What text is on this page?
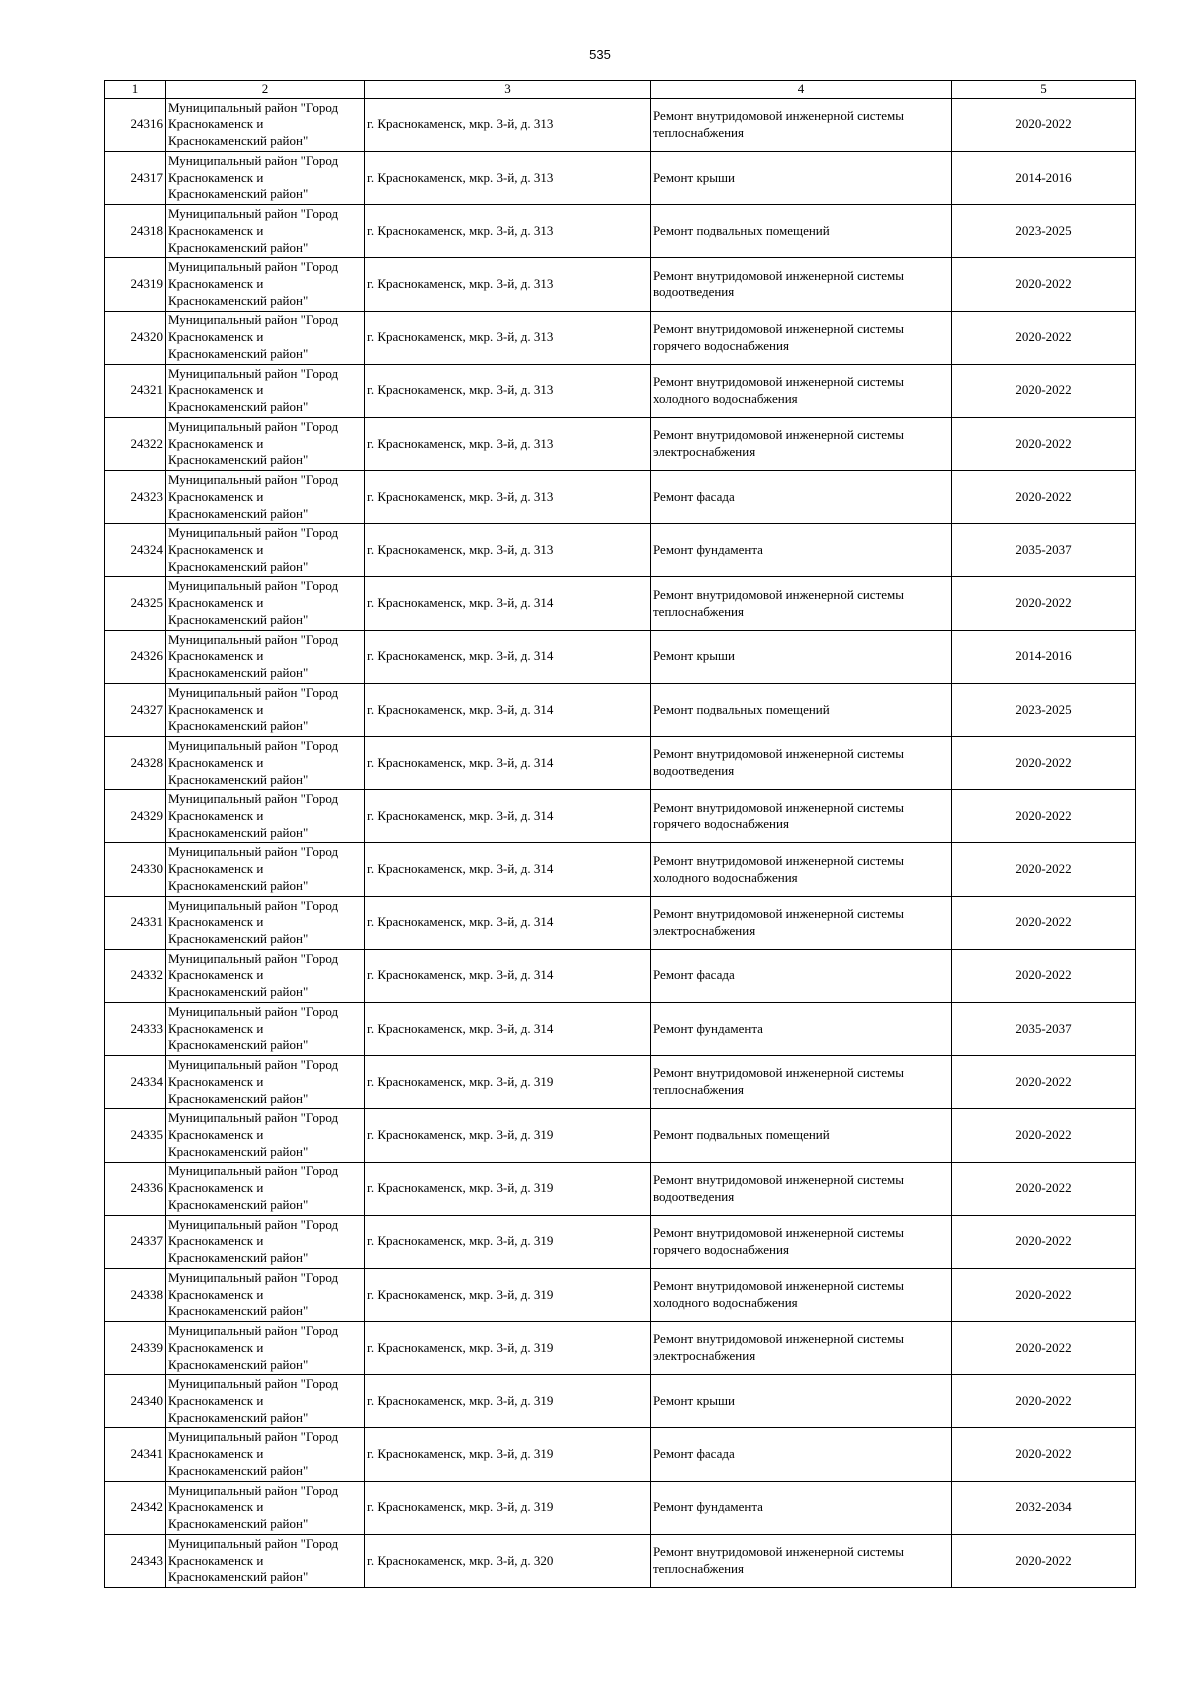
535
1	2	3	4	5
24316	Муниципальный район "Город
Краснокаменск и
Краснокаменский район"	г. Краснокаменск, мкр. 3-й, д. 313	Ремонт внутридомовой инженерной системы теплоснабжения	2020-2022
24317	Муниципальный район "Город
Краснокаменск и
Краснокаменский район"	г. Краснокаменск, мкр. 3-й, д. 313	Ремонт крыши	2014-2016
24318	Муниципальный район "Город
Краснокаменск и
Краснокаменский район"	г. Краснокаменск, мкр. 3-й, д. 313	Ремонт подвальных помещений	2023-2025
24319	Муниципальный район "Город
Краснокаменск и
Краснокаменский район"	г. Краснокаменск, мкр. 3-й, д. 313	Ремонт внутридомовой инженерной системы водоотведения	2020-2022
24320	Муниципальный район "Город
Краснокаменск и
Краснокаменский район"	г. Краснокаменск, мкр. 3-й, д. 313	Ремонт внутридомовой инженерной системы горячего водоснабжения	2020-2022
24321	Муниципальный район "Город
Краснокаменск и
Краснокаменский район"	г. Краснокаменск, мкр. 3-й, д. 313	Ремонт внутридомовой инженерной системы холодного водоснабжения	2020-2022
24322	Муниципальный район "Город
Краснокаменск и
Краснокаменский район"	г. Краснокаменск, мкр. 3-й, д. 313	Ремонт внутридомовой инженерной системы электроснабжения	2020-2022
24323	Муниципальный район "Город
Краснокаменск и
Краснокаменский район"	г. Краснокаменск, мкр. 3-й, д. 313	Ремонт фасада	2020-2022
24324	Муниципальный район "Город
Краснокаменск и
Краснокаменский район"	г. Краснокаменск, мкр. 3-й, д. 313	Ремонт фундамента	2035-2037
24325	Муниципальный район "Город
Краснокаменск и
Краснокаменский район"	г. Краснокаменск, мкр. 3-й, д. 314	Ремонт внутридомовой инженерной системы теплоснабжения	2020-2022
24326	Муниципальный район "Город
Краснокаменск и
Краснокаменский район"	г. Краснокаменск, мкр. 3-й, д. 314	Ремонт крыши	2014-2016
24327	Муниципальный район "Город
Краснокаменск и
Краснокаменский район"	г. Краснокаменск, мкр. 3-й, д. 314	Ремонт подвальных помещений	2023-2025
24328	Муниципальный район "Город
Краснокаменск и
Краснокаменский район"	г. Краснокаменск, мкр. 3-й, д. 314	Ремонт внутридомовой инженерной системы водоотведения	2020-2022
24329	Муниципальный район "Город
Краснокаменск и
Краснокаменский район"	г. Краснокаменск, мкр. 3-й, д. 314	Ремонт внутридомовой инженерной системы горячего водоснабжения	2020-2022
24330	Муниципальный район "Город
Краснокаменск и
Краснокаменский район"	г. Краснокаменск, мкр. 3-й, д. 314	Ремонт внутридомовой инженерной системы холодного водоснабжения	2020-2022
24331	Муниципальный район "Город
Краснокаменск и
Краснокаменский район"	г. Краснокаменск, мкр. 3-й, д. 314	Ремонт внутридомовой инженерной системы электроснабжения	2020-2022
24332	Муниципальный район "Город
Краснокаменск и
Краснокаменский район"	г. Краснокаменск, мкр. 3-й, д. 314	Ремонт фасада	2020-2022
24333	Муниципальный район "Город
Краснокаменск и
Краснокаменский район"	г. Краснокаменск, мкр. 3-й, д. 314	Ремонт фундамента	2035-2037
24334	Муниципальный район "Город
Краснокаменск и
Краснокаменский район"	г. Краснокаменск, мкр. 3-й, д. 319	Ремонт внутридомовой инженерной системы теплоснабжения	2020-2022
24335	Муниципальный район "Город
Краснокаменск и
Краснокаменский район"	г. Краснокаменск, мкр. 3-й, д. 319	Ремонт подвальных помещений	2020-2022
24336	Муниципальный район "Город
Краснокаменск и
Краснокаменский район"	г. Краснокаменск, мкр. 3-й, д. 319	Ремонт внутридомовой инженерной системы водоотведения	2020-2022
24337	Муниципальный район "Город
Краснокаменск и
Краснокаменский район"	г. Краснокаменск, мкр. 3-й, д. 319	Ремонт внутридомовой инженерной системы горячего водоснабжения	2020-2022
24338	Муниципальный район "Город
Краснокаменск и
Краснокаменский район"	г. Краснокаменск, мкр. 3-й, д. 319	Ремонт внутридомовой инженерной системы холодного водоснабжения	2020-2022
24339	Муниципальный район "Город
Краснокаменск и
Краснокаменский район"	г. Краснокаменск, мкр. 3-й, д. 319	Ремонт внутридомовой инженерной системы электроснабжения	2020-2022
24340	Муниципальный район "Город
Краснокаменск и
Краснокаменский район"	г. Краснокаменск, мкр. 3-й, д. 319	Ремонт крыши	2020-2022
24341	Муниципальный район "Город
Краснокаменск и
Краснокаменский район"	г. Краснокаменск, мкр. 3-й, д. 319	Ремонт фасада	2020-2022
24342	Муниципальный район "Город
Краснокаменск и
Краснокаменский район"	г. Краснокаменск, мкр. 3-й, д. 319	Ремонт фундамента	2032-2034
24343	Муниципальный район "Город
Краснокаменск и
Краснокаменский район"	г. Краснокаменск, мкр. 3-й, д. 320	Ремонт внутридомовой инженерной системы теплоснабжения	2020-2022
